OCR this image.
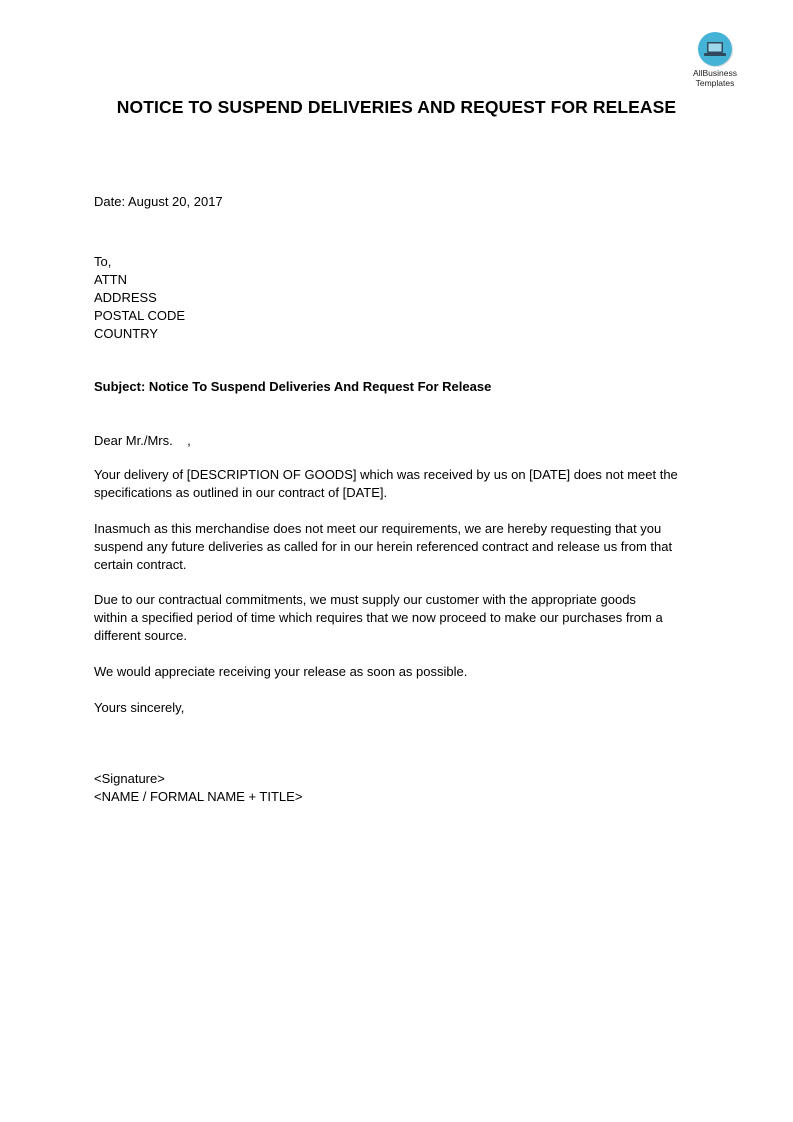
AllBusiness
Templates
NOTICE TO SUSPEND DELIVERIES AND REQUEST FOR RELEASE
Date: August 20, 2017
To,
ATTN
ADDRESS
POSTAL CODE
COUNTRY
Subject: Notice To Suspend Deliveries And Request For Release
Dear Mr./Mrs.    ,

Your delivery of [DESCRIPTION OF GOODS] which was received by us on [DATE] does not meet the

specifications as outlined in our contract of [DATE].

Inasmuch as this merchandise does not meet our requirements, we are hereby requesting that you

suspend any future deliveries as called for in our herein referenced contract and release us from that

certain contract.

Due to our contractual commitments, we must supply our customer with the appropriate goods

within a specified period of time which requires that we now proceed to make our purchases from a

different source.

We would appreciate receiving your release as soon as possible.
Yours sincerely,
<Signature>
<NAME / FORMAL NAME + TITLE>
